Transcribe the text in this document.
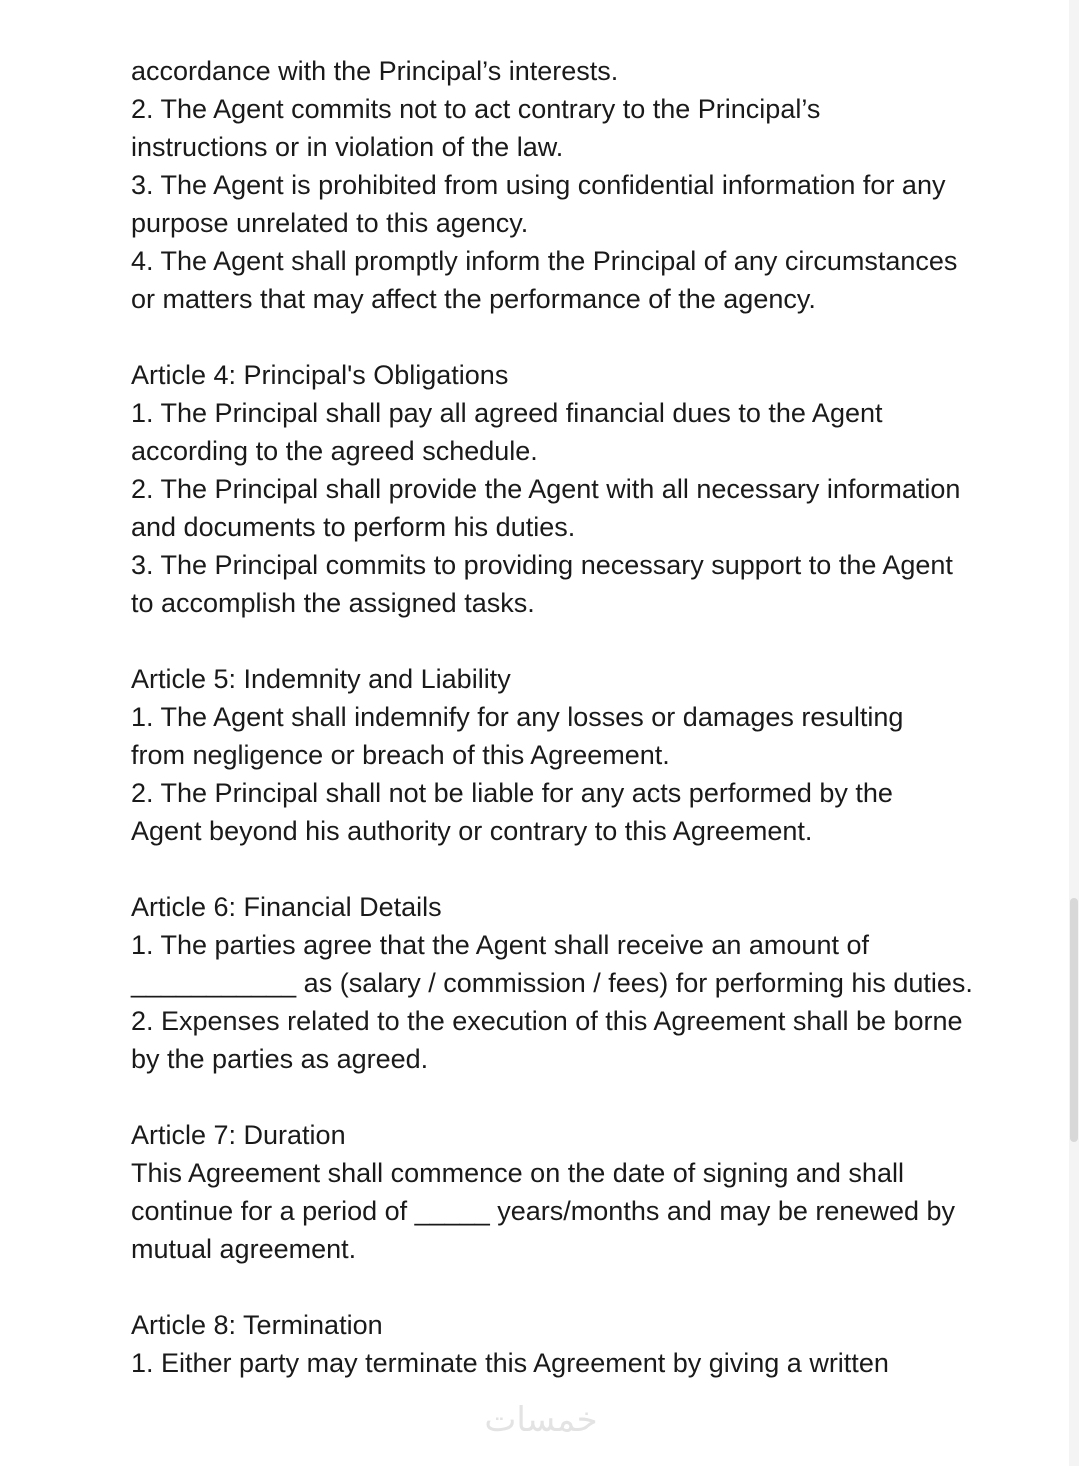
accordance with the Principal’s interests.

2. The Agent commits not to act contrary to the Principal’s

instructions or in violation of the law.

3. The Agent is prohibited from using confidential information for any

purpose unrelated to this agency.

4. The Agent shall promptly inform the Principal of any circumstances

or matters that may affect the performance of the agency.

Article 4: Principal's Obligations

1. The Principal shall pay all agreed financial dues to the Agent

according to the agreed schedule.

2. The Principal shall provide the Agent with all necessary information

and documents to perform his duties.

3. The Principal commits to providing necessary support to the Agent

to accomplish the assigned tasks.

Article 5: Indemnity and Liability

1. The Agent shall indemnify for any losses or damages resulting

from negligence or breach of this Agreement.

2. The Principal shall not be liable for any acts performed by the

Agent beyond his authority or contrary to this Agreement.

Article 6: Financial Details

1. The parties agree that the Agent shall receive an amount of

___________ as (salary / commission / fees) for performing his duties.

2. Expenses related to the execution of this Agreement shall be borne

by the parties as agreed.

Article 7: Duration

This Agreement shall commence on the date of signing and shall

continue for a period of _____ years/months and may be renewed by

mutual agreement.

Article 8: Termination

1. Either party may terminate this Agreement by giving a written

خمسات
